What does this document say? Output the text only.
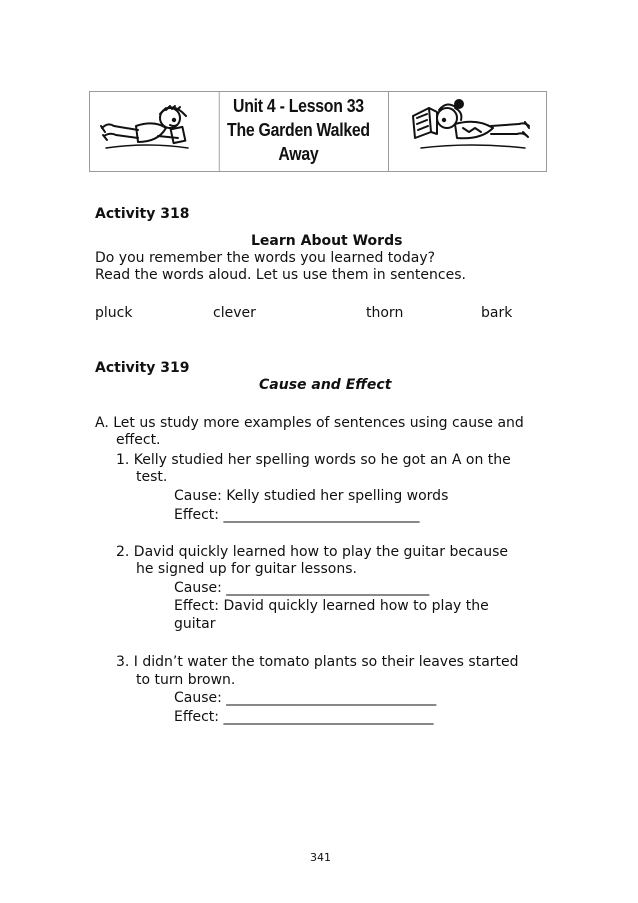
Unit 4 - Lesson 33
The Garden Walked
Away
Activity 318
Learn About Words
Do you remember the words you learned today?
Read the words aloud. Let us use them in sentences.
pluck	clever	thorn	bark
Activity 319
Cause and Effect
A. Let us study more examples of sentences using cause and
effect.
1. Kelly studied her spelling words so he got an A on the
test.
Cause: Kelly studied her spelling words
Effect: ____________________________
2. David quickly learned how to play the guitar because
he signed up for guitar lessons.
Cause: _____________________________
Effect: David quickly learned how to play the
guitar
3. I didn’t water the tomato plants so their leaves started
to turn brown.
Cause: ______________________________
Effect: ______________________________
341
